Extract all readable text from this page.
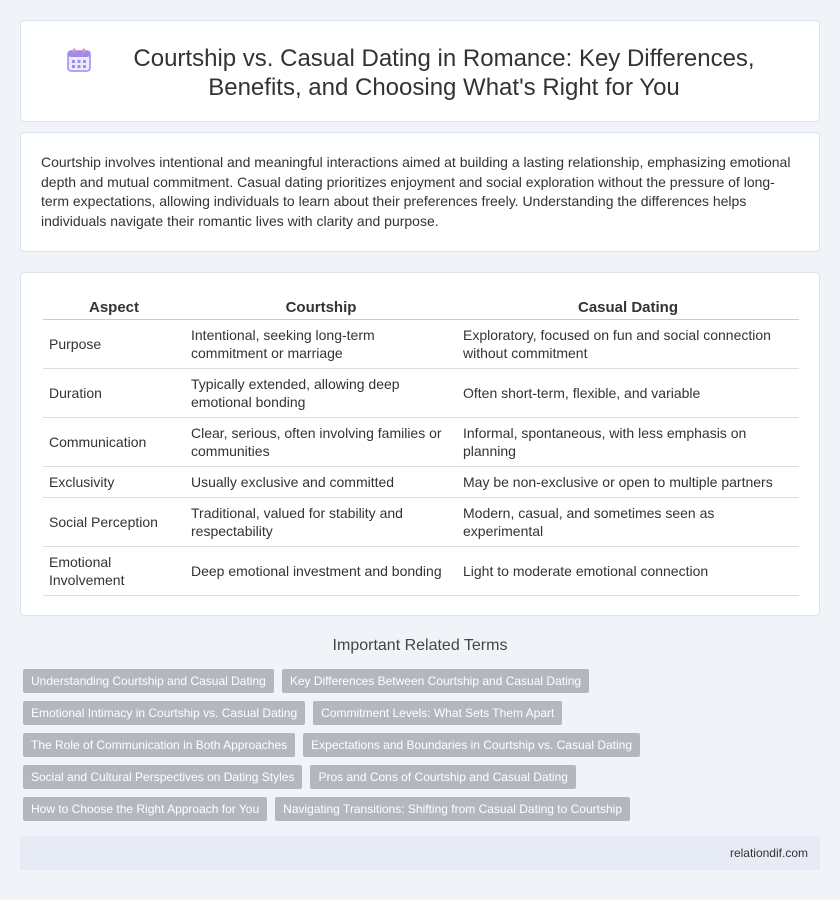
Courtship vs. Casual Dating in Romance: Key Differences, Benefits, and Choosing What's Right for You

Courtship involves intentional and meaningful interactions aimed at building a lasting relationship, emphasizing emotional depth and mutual commitment. Casual dating prioritizes enjoyment and social exploration without the pressure of long-term expectations, allowing individuals to learn about their preferences freely. Understanding the differences helps individuals navigate their romantic lives with clarity and purpose.

Aspect	Courtship	Casual Dating
Purpose	Intentional, seeking long-term commitment or marriage	Exploratory, focused on fun and social connection without commitment
Duration	Typically extended, allowing deep emotional bonding	Often short-term, flexible, and variable
Communication	Clear, serious, often involving families or communities	Informal, spontaneous, with less emphasis on planning
Exclusivity	Usually exclusive and committed	May be non-exclusive or open to multiple partners
Social Perception	Traditional, valued for stability and respectability	Modern, casual, and sometimes seen as experimental
Emotional Involvement	Deep emotional investment and bonding	Light to moderate emotional connection
Important Related Terms
Understanding Courtship and Casual Dating	Key Differences Between Courtship and Casual Dating
Emotional Intimacy in Courtship vs. Casual Dating	Commitment Levels: What Sets Them Apart
The Role of Communication in Both Approaches	Expectations and Boundaries in Courtship vs. Casual Dating
Social and Cultural Perspectives on Dating Styles	Pros and Cons of Courtship and Casual Dating
How to Choose the Right Approach for You	Navigating Transitions: Shifting from Casual Dating to Courtship
relationdif.com
